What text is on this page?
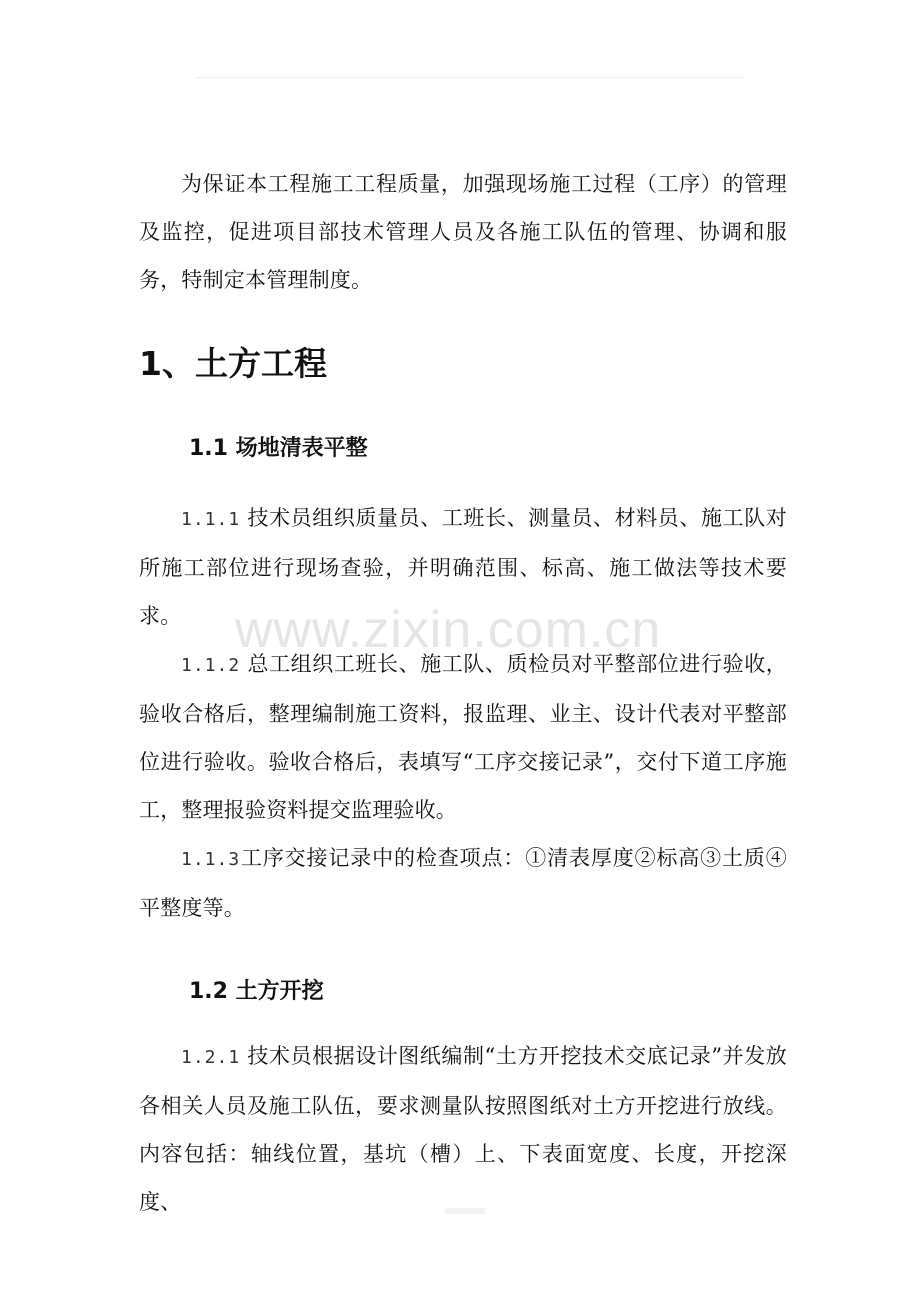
www.zixin.com.cn

为保证本工程施工工程质量，加强现场施工过程（工序）的管理及监控，促进项目部技术管理人员及各施工队伍的管理、协调和服务，特制定本管理制度。

1、土方工程
1.1 场地清表平整

1.1.1 技术员组织质量员、工班长、测量员、材料员、施工队对所施工部位进行现场查验，并明确范围、标高、施工做法等技术要求。

1.1.2 总工组织工班长、施工队、质检员对平整部位进行验收，验收合格后，整理编制施工资料，报监理、业主、设计代表对平整部位进行验收。验收合格后，表填写“工序交接记录”，交付下道工序施工，整理报验资料提交监理验收。

1.1.3工序交接记录中的检查项点：①清表厚度②标高③土质④平整度等。

1.2 土方开挖

1.2.1 技术员根据设计图纸编制“土方开挖技术交底记录”并发放各相关人员及施工队伍，要求测量队按照图纸对土方开挖进行放线。内容包括：轴线位置，基坑（槽）上、下表面宽度、长度，开挖深度、
